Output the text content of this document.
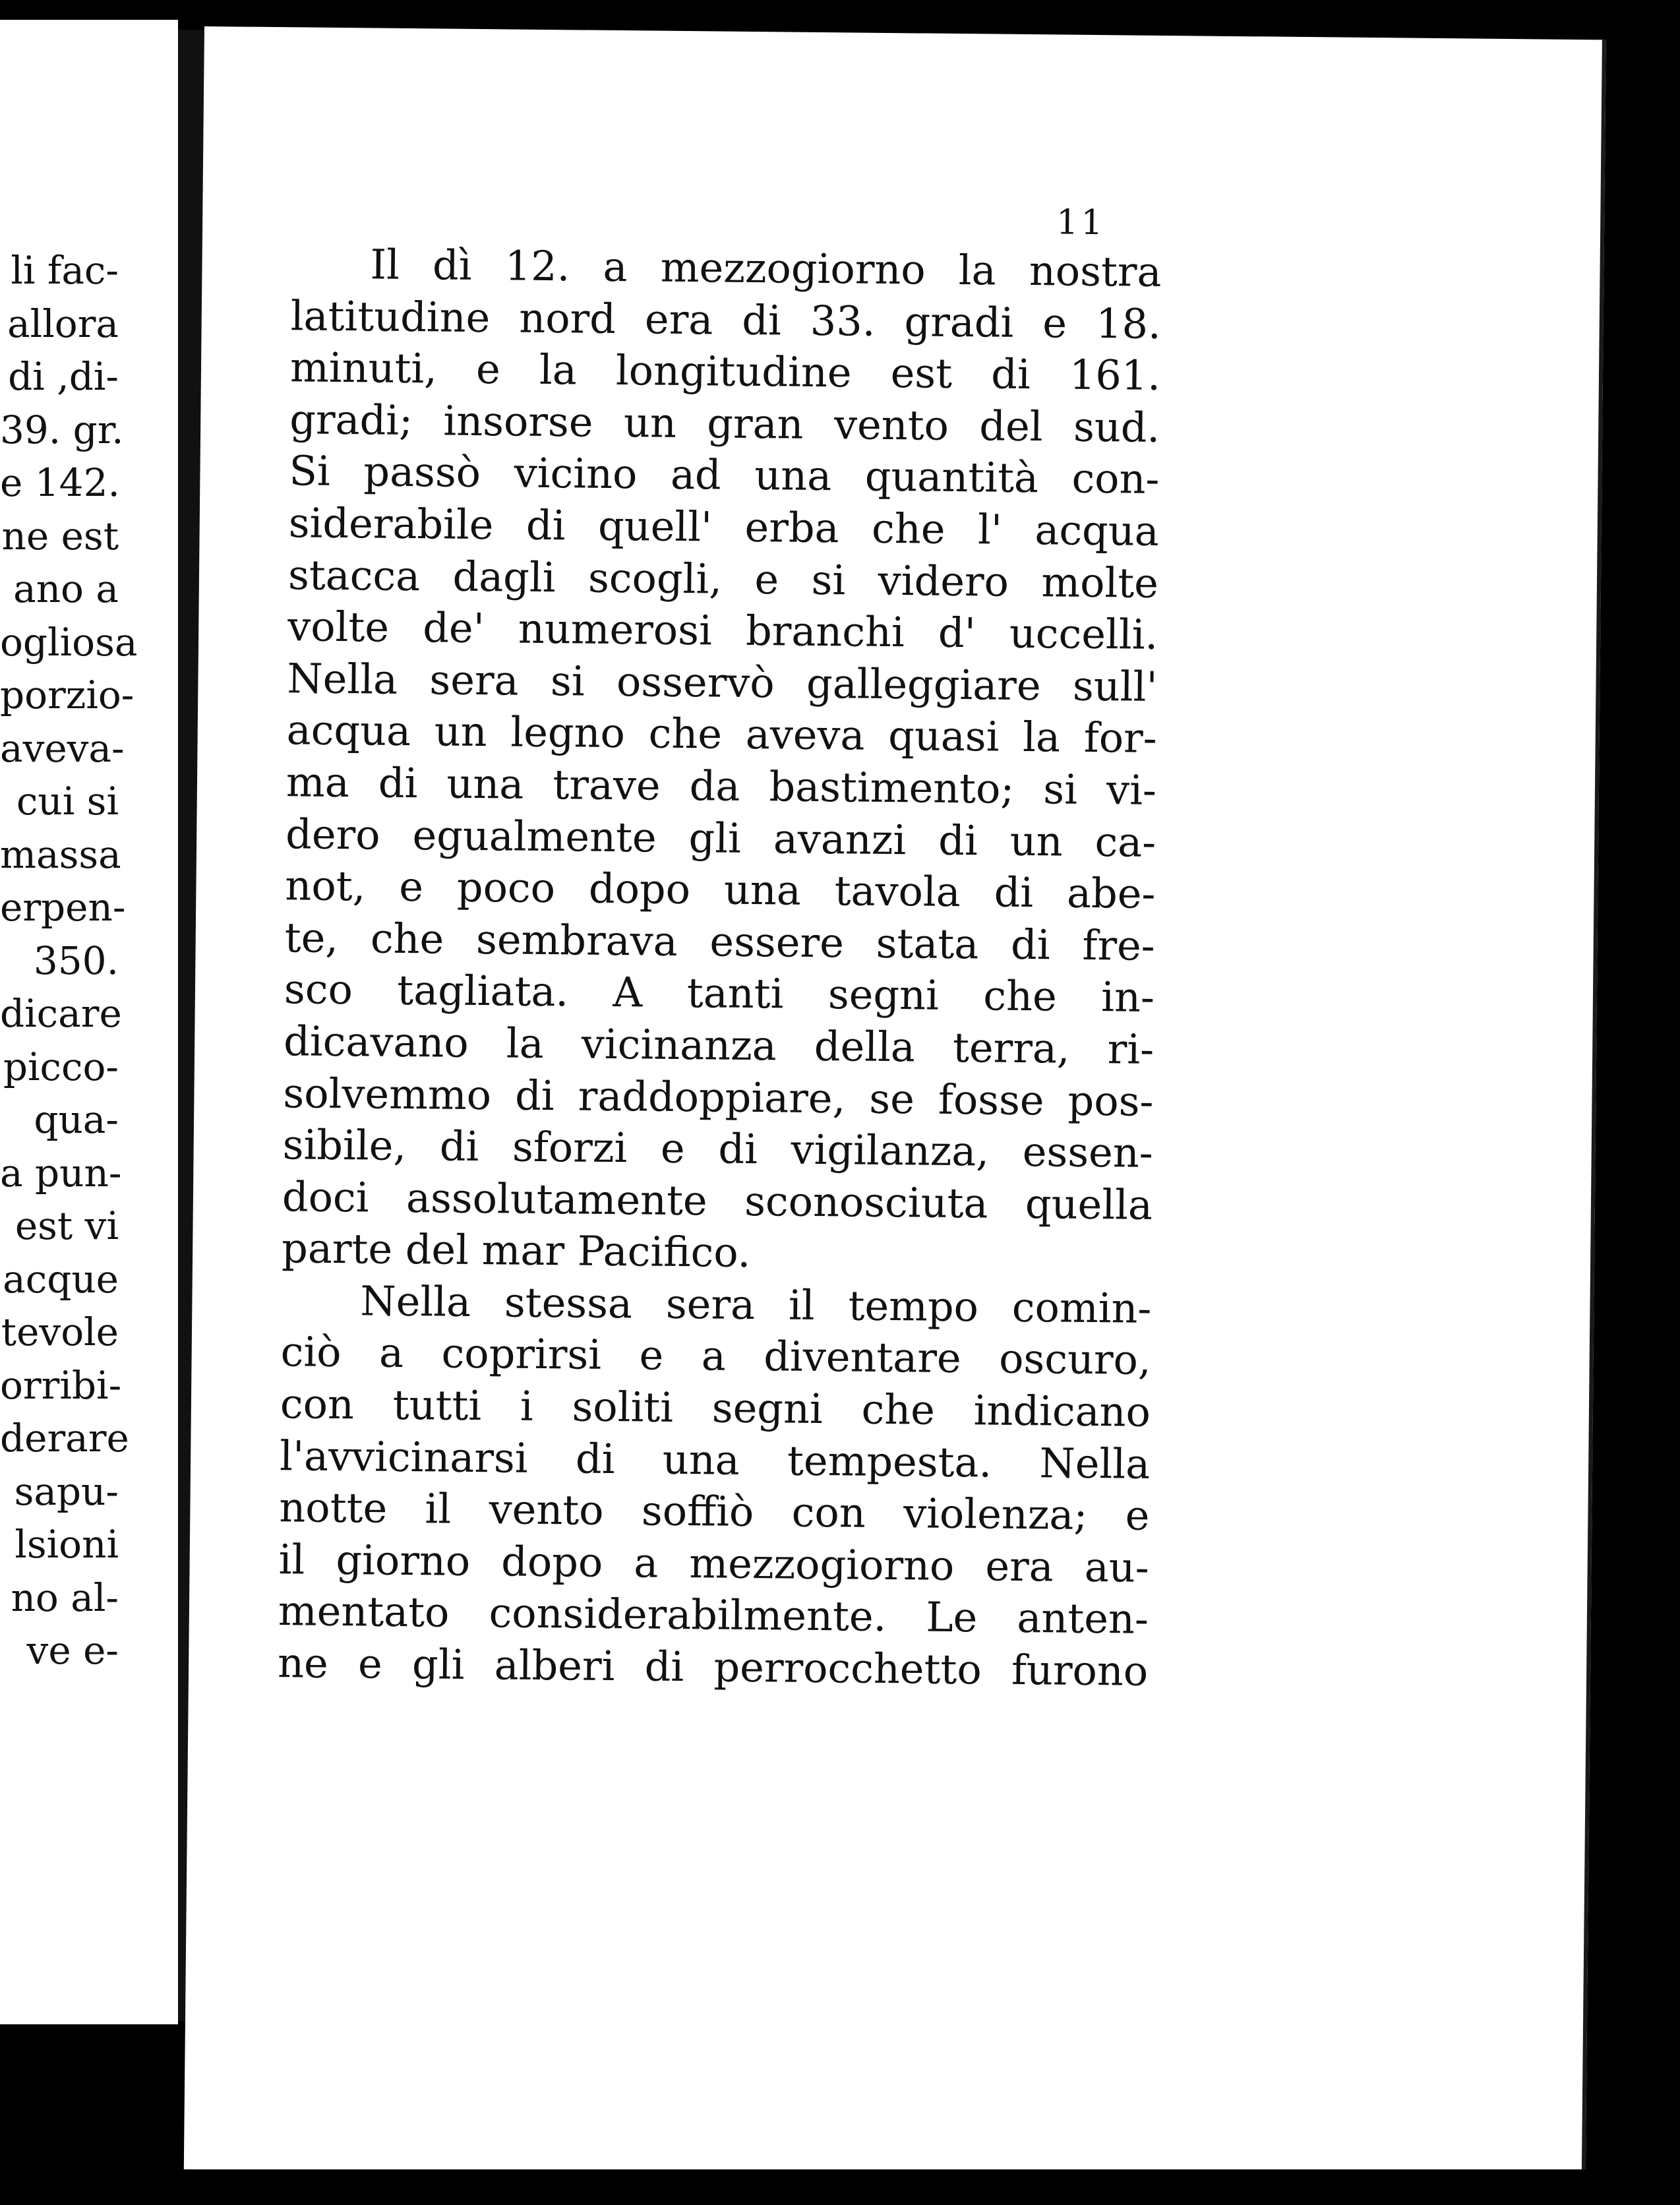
li fac-
allora
di ,di-
39. gr.
e 142.
ne est
ano a
ogliosa
porzio-
aveva-
cui si
massa
erpen-
350.
dicare
picco-
qua-
a pun-
est vi
acque
tevole
orribi-
derare
sapu-
lsioni
no al-
ve e-
11
Il dì 12. a mezzogiorno la nostra
latitudine nord era di 33. gradi e 18.
minuti, e la longitudine est di 161.
gradi; insorse un gran vento del sud.
Si passò vicino ad una quantità con-
siderabile di quell' erba che l' acqua
stacca dagli scogli, e si videro molte
volte de' numerosi branchi d' uccelli.
Nella sera si osservò galleggiare sull'
acqua un legno che aveva quasi la for-
ma di una trave da bastimento; si vi-
dero egualmente gli avanzi di un ca-
not, e poco dopo una tavola di abe-
te, che sembrava essere stata di fre-
sco tagliata. A tanti segni che in-
dicavano la vicinanza della terra, ri-
solvemmo di raddoppiare, se fosse pos-
sibile, di sforzi e di vigilanza, essen-
doci assolutamente sconosciuta quella
parte del mar Pacifico.
Nella stessa sera il tempo comin-
ciò a coprirsi e a diventare oscuro,
con tutti i soliti segni che indicano
l'avvicinarsi di una tempesta. Nella
notte il vento soffiò con violenza; e
il giorno dopo a mezzogiorno era au-
mentato considerabilmente. Le anten-
ne e gli alberi di perrocchetto furono
